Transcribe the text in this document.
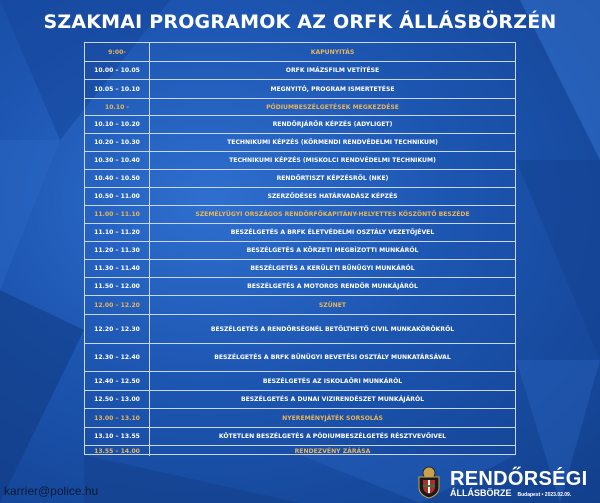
SZAKMAI PROGRAMOK AZ ORFK ÁLLÁSBÖRZÉN
9:00-	KAPUNYITÁS
10.00 – 10.05	ORFK IMÁZSFILM VETÍTÉSE
10.05 – 10.10	MEGNYITÓ, PROGRAM ISMERTETÉSE
10.10 -	PÓDIUMBESZÉLGETÉSEK MEGKEZDÉSE
10.10 – 10.20	RENDŐRJÁRŐR KÉPZÉS (ADYLIGET)
10.20 – 10.30	TECHNIKUMI KÉPZÉS (KÖRMENDI RENDVÉDELMI TECHNIKUM)
10.30 – 10.40	TECHNIKUMI KÉPZÉS (MISKOLCI RENDVÉDELMI TECHNIKUM)
10.40 – 10.50	RENDŐRTISZT KÉPZÉSRŐL (NKE)
10.50 – 11.00	SZERZŐDÉSES HATÁRVADÁSZ KÉPZÉS
11.00 – 11.10	SZEMÉLYÜGYI ORSZÁGOS RENDŐRFŐKAPITÁNY-HELYETTES KÖSZÖNTŐ BESZÉDE
11.10 – 11.20	BESZÉLGETÉS A BRFK ÉLETVÉDELMI OSZTÁLY VEZETŐJÉVEL
11.20 – 11.30	BESZÉLGETÉS A KÖRZETI MEGBÍZOTTI MUNKÁRÓL
11.30 – 11.40	BESZÉLGETÉS A KERÜLETI BŰNÜGYI MUNKÁRÓL
11.50 – 12.00	BESZÉLGETÉS A MOTOROS RENDŐR MUNKÁJÁRÓL
12.00 – 12.20	SZÜNET
12.20 – 12.30	BESZÉLGETÉS A RENDŐRSÉGNÉL BETÖLTHETŐ CIVIL MUNKAKÖRÖKRŐL
12.30 – 12.40	BESZÉLGETÉS A BRFK BŰNÜGYI BEVETÉSI OSZTÁLY MUNKATÁRSÁVAL
12.40 – 12.50	BESZÉLGETÉS AZ ISKOLAŐRI MUNKÁRÓL
12.50 – 13.00	BESZÉLGETÉS A DUNAI VIZIRENDÉSZET MUNKÁJÁRÓL
13.00 – 13.10	NYEREMÉNYJÁTÉK SORSOLÁS
13.10 – 13.55	KÖTETLEN BESZÉLGETÉS A PÓDIUMBESZÉLGETÉS RÉSZTVEVŐIVEL
13.55 – 14.00	RENDEZVÉNY ZÁRÁSA
karrier@police.hu
RENDŐRSÉGI
ÁLLÁSBÖRZE Budapest • 2023.02.09.
